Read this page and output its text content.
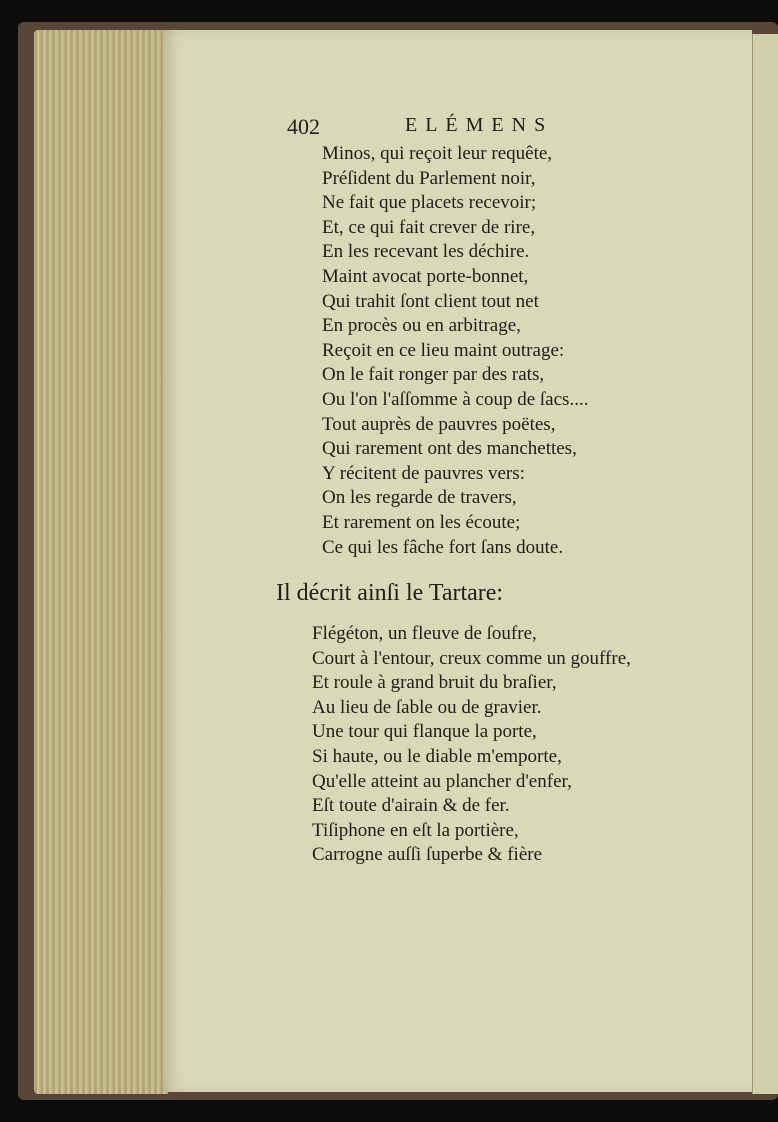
402	ELÉMENS
Minos, qui reçoit leur requête,
Préſident du Parlement noir,
Ne fait que placets recevoir;
Et, ce qui fait crever de rire,
En les recevant les déchire.
Maint avocat porte-bonnet,
Qui trahit ſont client tout net
En procès ou en arbitrage,
Reçoit en ce lieu maint outrage:
On le fait ronger par des rats,
Ou l'on l'aſſomme à coup de ſacs....
Tout auprès de pauvres poëtes,
Qui rarement ont des manchettes,
Y récitent de pauvres vers:
On les regarde de travers,
Et rarement on les écoute;
Ce qui les fâche fort ſans doute.
Il décrit ainſi le Tartare:
Flégéton, un fleuve de ſoufre,
Court à l'entour, creux comme un gouffre,
Et roule à grand bruit du braſier,
Au lieu de ſable ou de gravier.
Une tour qui flanque la porte,
Si haute, ou le diable m'emporte,
Qu'elle atteint au plancher d'enfer,
Eſt toute d'airain & de fer.
Tiſiphone en eſt la portière,
Carrogne auſſi ſuperbe & fière
